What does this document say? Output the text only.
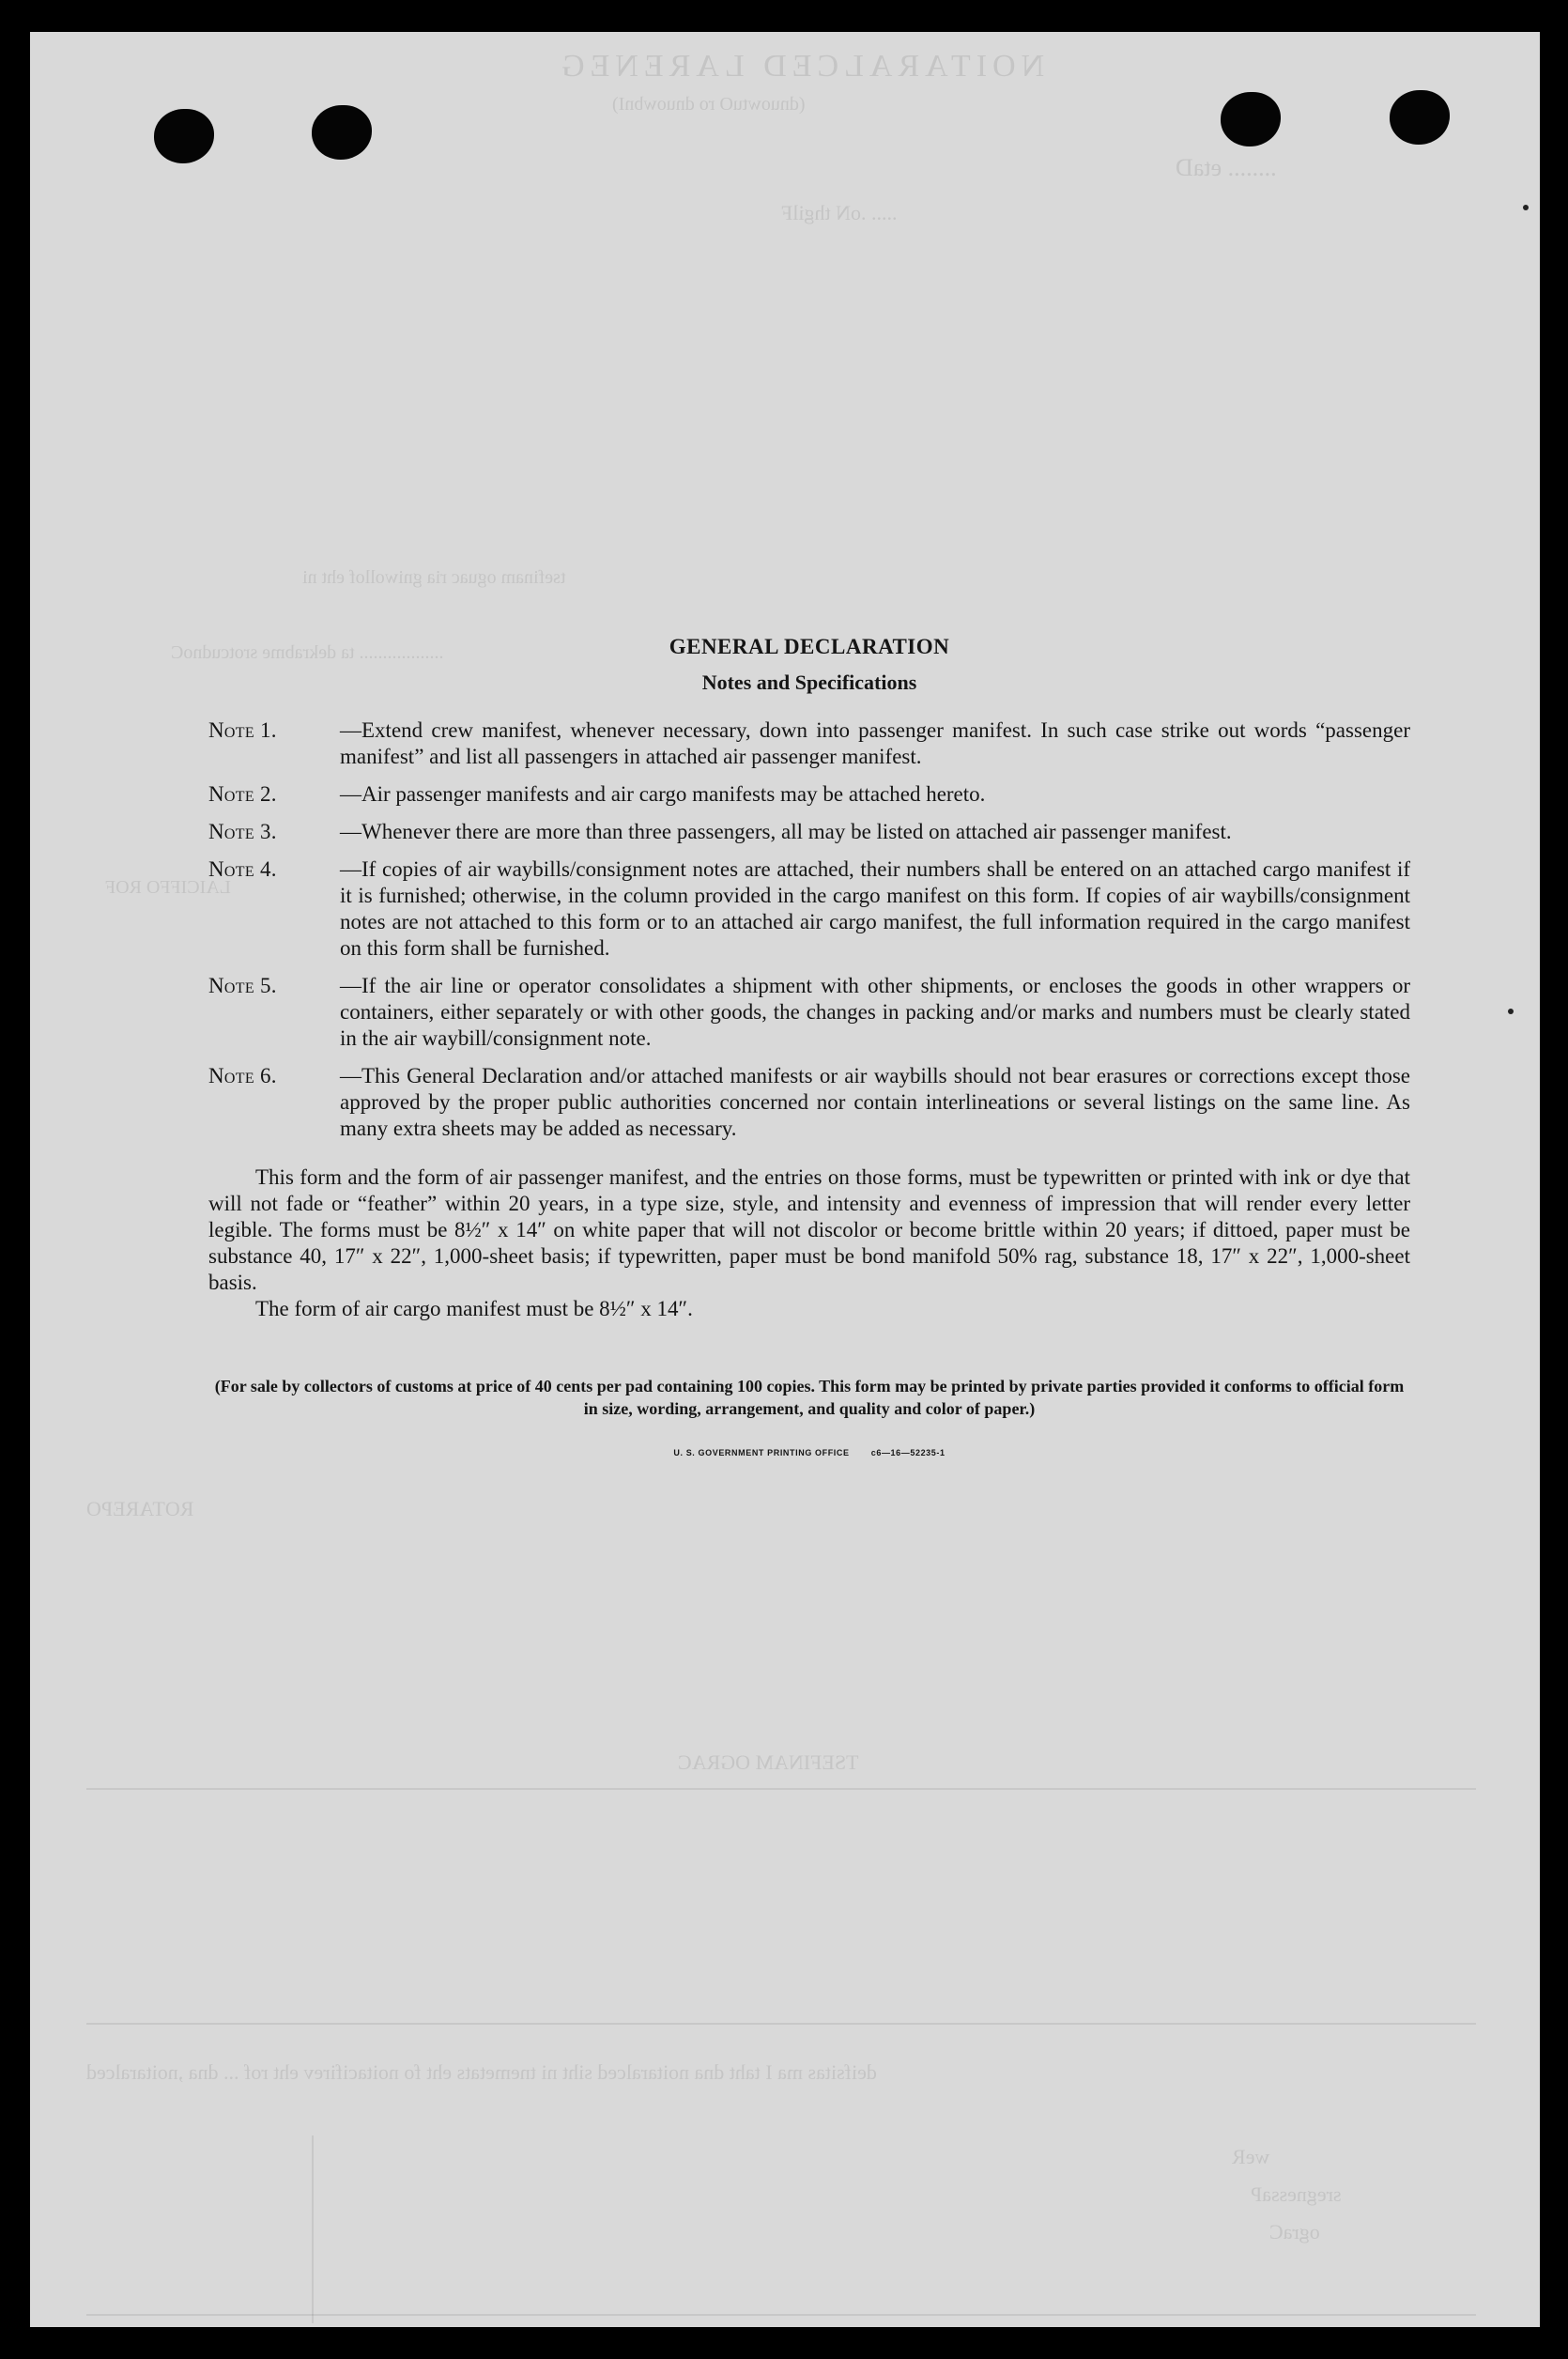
NOITARALCED LARENEG
(dnuowtuO ro dnuowbnI)
........ etaD
..... .oN thgilF
tsefinam oguac ria gniwollof eht ni
.................. ta dekrabme srotcudnoC
LAICIFFO ROF
ROTAREPO
TSEFINAM OGRAC
deifsitas ma I taht dna noitaralced siht ni tnemetats eht fo noitacifirev eht rof ... dna ,noitaralced
weR
sregnessaP
ograC
GENERAL DECLARATION
Notes and Specifications
Note 1.	—Extend crew manifest, whenever necessary, down into passenger manifest. In such case strike out words “passenger manifest” and list all passengers in attached air passenger manifest.
Note 2.	—Air passenger manifests and air cargo manifests may be attached hereto.
Note 3.	—Whenever there are more than three passengers, all may be listed on attached air passenger manifest.
Note 4.	—If copies of air waybills/consignment notes are attached, their numbers shall be entered on an attached cargo manifest if it is furnished; otherwise, in the column provided in the cargo manifest on this form. If copies of air waybills/consignment notes are not attached to this form or to an attached air cargo manifest, the full information required in the cargo manifest on this form shall be furnished.
Note 5.	—If the air line or operator consolidates a shipment with other shipments, or encloses the goods in other wrappers or containers, either separately or with other goods, the changes in packing and/or marks and numbers must be clearly stated in the air waybill/consignment note.
Note 6.	—This General Declaration and/or attached manifests or air waybills should not bear erasures or corrections except those approved by the proper public authorities concerned nor contain interlineations or several listings on the same line. As many extra sheets may be added as necessary.

This form and the form of air passenger manifest, and the entries on those forms, must be typewritten or printed with ink or dye that will not fade or “feather” within 20 years, in a type size, style, and intensity and evenness of impression that will render every letter legible. The forms must be 8½″ x 14″ on white paper that will not discolor or become brittle within 20 years; if dittoed, paper must be substance 40, 17″ x 22″, 1,000-sheet basis; if typewritten, paper must be bond manifold 50% rag, substance 18, 17″ x 22″, 1,000-sheet basis.

The form of air cargo manifest must be 8½″ x 14″.

(For sale by collectors of customs at price of 40 cents per pad containing 100 copies. This form may be printed by private parties provided it conforms to official form in size, wording, arrangement, and quality and color of paper.)
U. S. GOVERNMENT PRINTING OFFICE	c6—16—52235-1
